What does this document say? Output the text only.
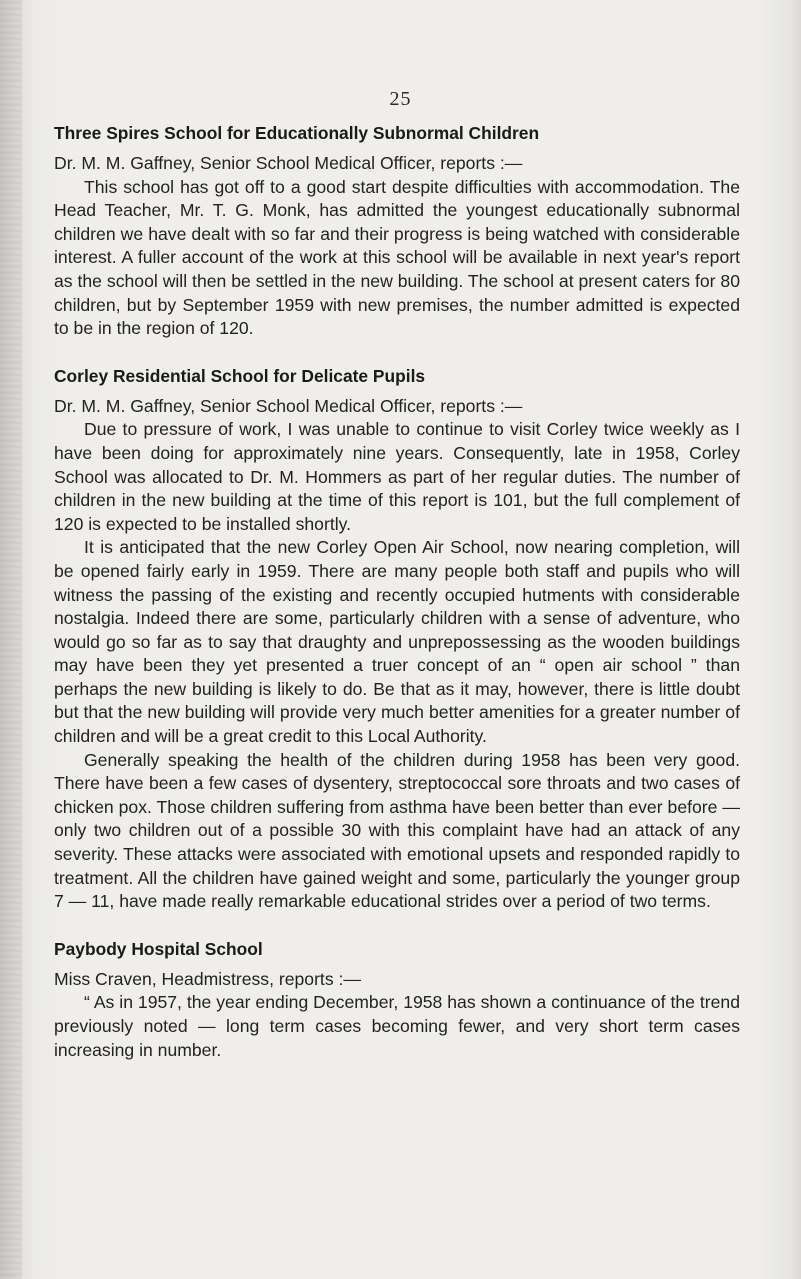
25
Three Spires School for Educationally Subnormal Children

Dr. M. M. Gaffney, Senior School Medical Officer, reports :—

This school has got off to a good start despite difficulties with accommodation. The Head Teacher, Mr. T. G. Monk, has admitted the youngest educationally subnormal children we have dealt with so far and their progress is being watched with considerable interest. A fuller account of the work at this school will be available in next year's report as the school will then be settled in the new building. The school at present caters for 80 children, but by September 1959 with new premises, the number admitted is expected to be in the region of 120.

Corley Residential School for Delicate Pupils

Dr. M. M. Gaffney, Senior School Medical Officer, reports :—

Due to pressure of work, I was unable to continue to visit Corley twice weekly as I have been doing for approximately nine years. Consequently, late in 1958, Corley School was allocated to Dr. M. Hommers as part of her regular duties. The number of children in the new building at the time of this report is 101, but the full complement of 120 is expected to be installed shortly.

It is anticipated that the new Corley Open Air School, now nearing completion, will be opened fairly early in 1959. There are many people both staff and pupils who will witness the passing of the existing and recently occupied hutments with considerable nostalgia. Indeed there are some, particularly children with a sense of adventure, who would go so far as to say that draughty and unprepossessing as the wooden buildings may have been they yet presented a truer concept of an “ open air school ” than perhaps the new building is likely to do. Be that as it may, however, there is little doubt but that the new building will provide very much better amenities for a greater number of children and will be a great credit to this Local Authority.

Generally speaking the health of the children during 1958 has been very good. There have been a few cases of dysentery, streptococcal sore throats and two cases of chicken pox. Those children suffering from asthma have been better than ever before — only two children out of a possible 30 with this complaint have had an attack of any severity. These attacks were associated with emotional upsets and responded rapidly to treatment. All the children have gained weight and some, particularly the younger group 7 — 11, have made really remarkable educational strides over a period of two terms.

Paybody Hospital School

Miss Craven, Headmistress, reports :—

“ As in 1957, the year ending December, 1958 has shown a continuance of the trend previously noted — long term cases becoming fewer, and very short term cases increasing in number.
